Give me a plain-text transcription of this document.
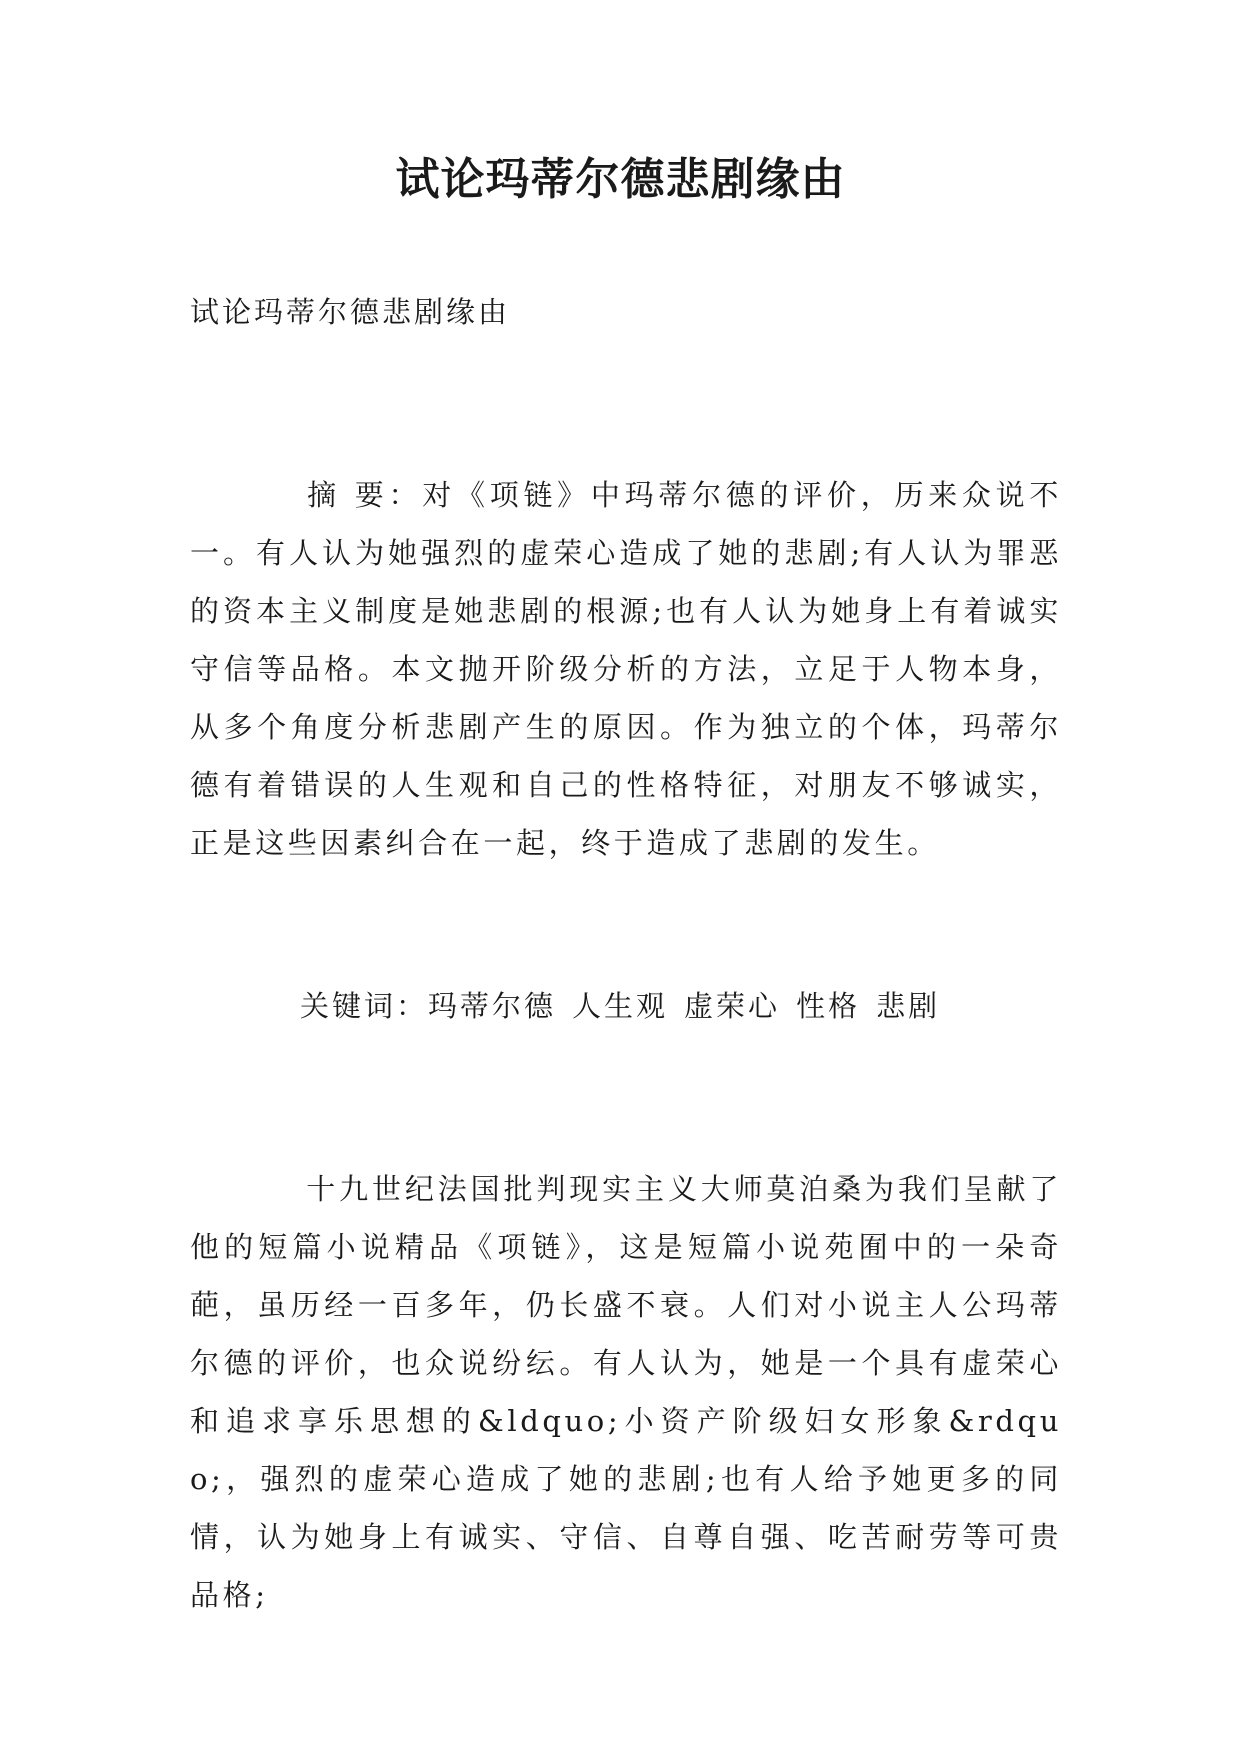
试论玛蒂尔德悲剧缘由

试论玛蒂尔德悲剧缘由

摘 要：对《项链》中玛蒂尔德的评价，历来众说不一。有人认为她强烈的虚荣心造成了她的悲剧;有人认为罪恶的资本主义制度是她悲剧的根源;也有人认为她身上有着诚实守信等品格。本文抛开阶级分析的方法，立足于人物本身，从多个角度分析悲剧产生的原因。作为独立的个体，玛蒂尔德有着错误的人生观和自己的性格特征，对朋友不够诚实，正是这些因素纠合在一起，终于造成了悲剧的发生。

关键词：玛蒂尔德 人生观 虚荣心 性格 悲剧

十九世纪法国批判现实主义大师莫泊桑为我们呈献了他的短篇小说精品《项链》，这是短篇小说苑囿中的一朵奇葩，虽历经一百多年，仍长盛不衰。人们对小说主人公玛蒂尔德的评价，也众说纷纭。有人认为，她是一个具有虚荣心和追求享乐思想的&ldquo;小资产阶级妇女形象&rdquo;，强烈的虚荣心造成了她的悲剧;也有人给予她更多的同情，认为她身上有诚实、守信、自尊自强、吃苦耐劳等可贵品格;
